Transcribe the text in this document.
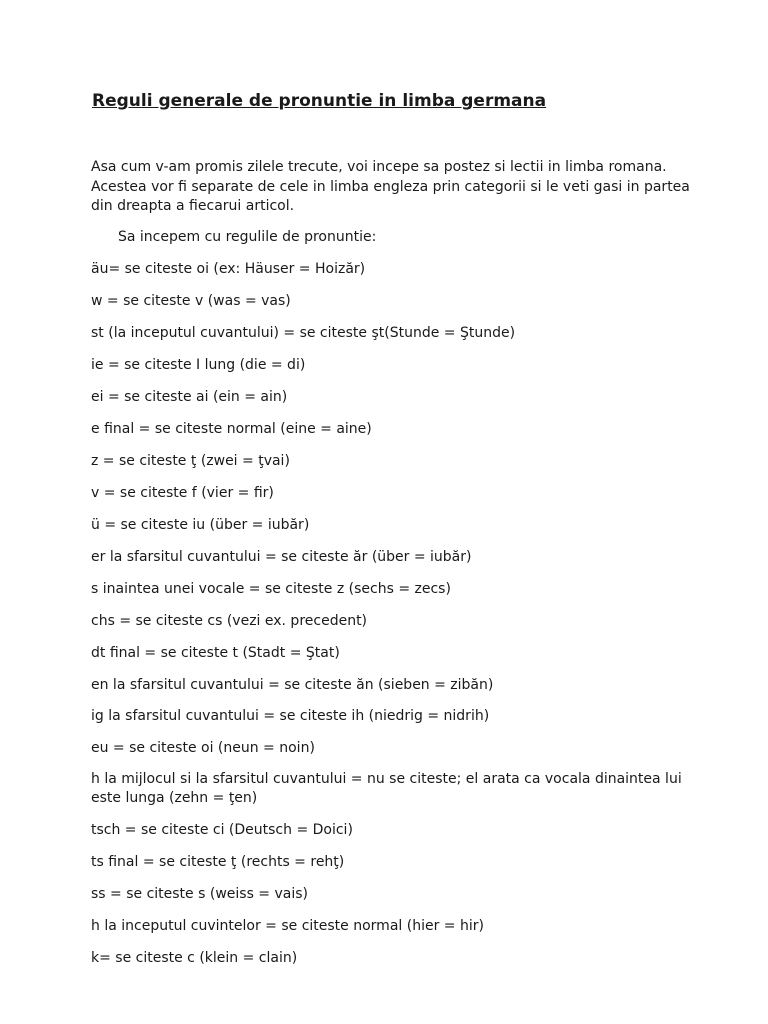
Reguli generale de pronuntie in limba germana

Asa cum v-am promis zilele trecute, voi incepe sa postez si lectii in limba romana. Acestea vor fi separate de cele in limba engleza prin categorii si le veti gasi in partea din dreapta a fiecarui articol.

Sa incepem cu regulile de pronuntie:

äu= se citeste oi (ex: Häuser = Hoizăr)
w = se citeste v (was = vas)
st (la inceputul cuvantului) = se citeste şt(Stunde = Ştunde)
ie = se citeste I lung (die = di)
ei = se citeste ai (ein = ain)
e final = se citeste normal (eine = aine)
z = se citeste ţ (zwei = ţvai)
v = se citeste f (vier = fir)
ü = se citeste iu (über = iubăr)
er la sfarsitul cuvantului = se citeste ăr (über = iubăr)
s inaintea unei vocale = se citeste z (sechs = zecs)
chs = se citeste cs (vezi ex. precedent)
dt final = se citeste t (Stadt = Ştat)
en la sfarsitul cuvantului = se citeste ăn (sieben = zibăn)
ig la sfarsitul cuvantului = se citeste ih (niedrig = nidrih)
eu = se citeste oi (neun = noin)
h la mijlocul si la sfarsitul cuvantului = nu se citeste; el arata ca vocala dinaintea lui este lunga (zehn = ţen)
tsch = se citeste ci (Deutsch = Doici)
ts final = se citeste ţ (rechts = rehţ)
ss = se citeste s (weiss = vais)
h la inceputul cuvintelor = se citeste normal (hier = hir)
k= se citeste c (klein = clain)
